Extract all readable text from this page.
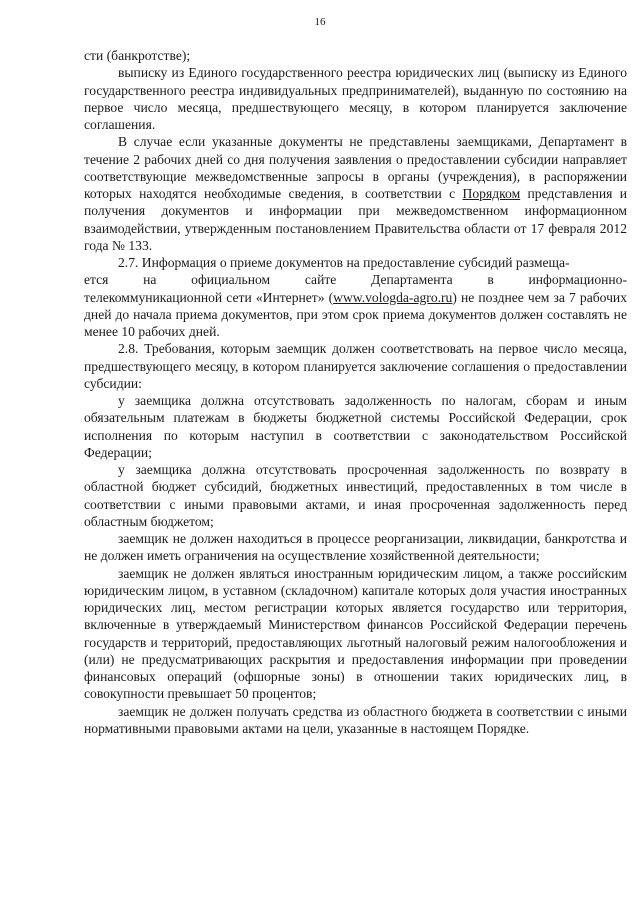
16

сти (банкротстве);

выписку из Единого государственного реестра юридических лиц (выписку из Единого государственного реестра индивидуальных предпринимателей), выданную по состоянию на первое число месяца, предшествующего месяцу, в котором планируется заключение соглашения.

В случае если указанные документы не представлены заемщиками, Департамент в течение 2 рабочих дней со дня получения заявления о предоставлении субсидии направляет соответствующие межведомственные запросы в органы (учреждения), в распоряжении которых находятся необходимые сведения, в соответствии с Порядком представления и получения документов и информации при межведомственном информационном взаимодействии, утвержденным постановлением Правительства области от 17 февраля 2012 года № 133.

2.7. Информация о приеме документов на предоставление субсидий размеща-

ется на официальном сайте Департамента в информационно-

телекоммуникационной сети «Интернет» (www.vologda-agro.ru) не позднее чем за 7 рабочих дней до начала приема документов, при этом срок приема документов должен составлять не менее 10 рабочих дней.

2.8. Требования, которым заемщик должен соответствовать на первое число месяца, предшествующего месяцу, в котором планируется заключение соглашения о предоставлении субсидии:

у заемщика должна отсутствовать задолженность по налогам, сборам и иным обязательным платежам в бюджеты бюджетной системы Российской Федерации, срок исполнения по которым наступил в соответствии с законодательством Российской Федерации;

у заемщика должна отсутствовать просроченная задолженность по возврату в областной бюджет субсидий, бюджетных инвестиций, предоставленных в том числе в соответствии с иными правовыми актами, и иная просроченная задолженность перед областным бюджетом;

заемщик не должен находиться в процессе реорганизации, ликвидации, банкротства и не должен иметь ограничения на осуществление хозяйственной деятельности;

заемщик не должен являться иностранным юридическим лицом, а также российским юридическим лицом, в уставном (складочном) капитале которых доля участия иностранных юридических лиц, местом регистрации которых является государство или территория, включенные в утверждаемый Министерством финансов Российской Федерации перечень государств и территорий, предоставляющих льготный налоговый режим налогообложения и (или) не предусматривающих раскрытия и предоставления информации при проведении финансовых операций (офшорные зоны) в отношении таких юридических лиц, в совокупности превышает 50 процентов;

заемщик не должен получать средства из областного бюджета в соответствии с иными нормативными правовыми актами на цели, указанные в настоящем Порядке.
